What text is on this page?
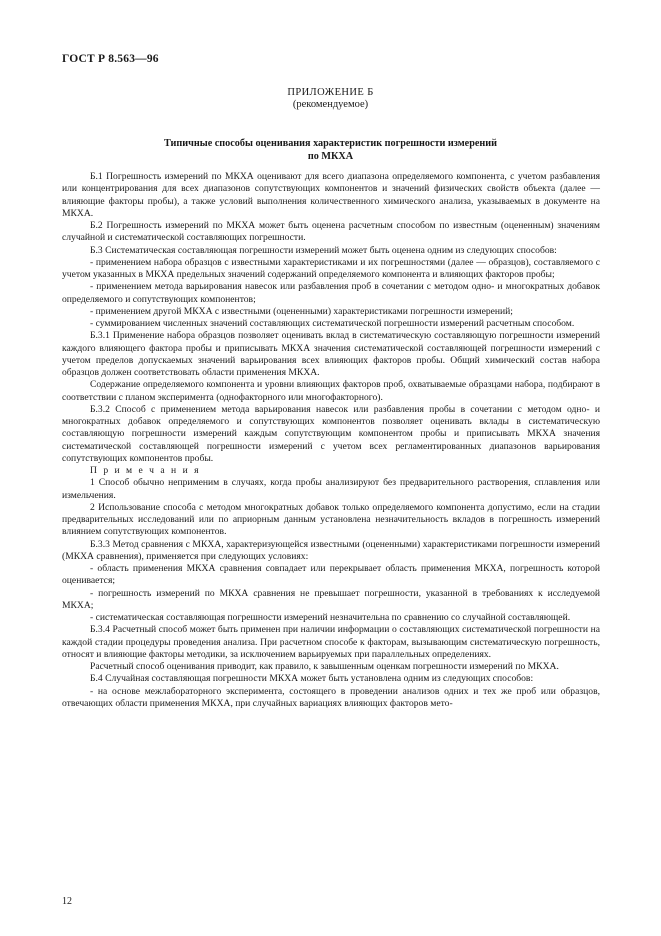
ГОСТ Р 8.563—96
ПРИЛОЖЕНИЕ Б
(рекомендуемое)
Типичные способы оценивания характеристик погрешности измерений
по МКХА

Б.1 Погрешность измерений по МКХА оценивают для всего диапазона определяемого компонента, с учетом разбавления или концентрирования для всех диапазонов сопутствующих компонентов и значений физических свойств объекта (далее — влияющие факторы пробы), а также условий выполнения количественного химического анализа, указываемых в документе на МКХА.

Б.2 Погрешность измерений по МКХА может быть оценена расчетным способом по известным (оцененным) значениям случайной и систематической составляющих погрешности.

Б.3 Систематическая составляющая погрешности измерений может быть оценена одним из следующих способов:

- применением набора образцов с известными характеристиками и их погрешностями (далее — образцов), составляемого с учетом указанных в МКХА предельных значений содержаний определяемого компонента и влияющих факторов пробы;

- применением метода варьирования навесок или разбавления проб в сочетании с методом одно- и многократных добавок определяемого и сопутствующих компонентов;

- применением другой МКХА с известными (оцененными) характеристиками погрешности измерений;

- суммированием численных значений составляющих систематической погрешности измерений расчетным способом.

Б.3.1 Применение набора образцов позволяет оценивать вклад в систематическую составляющую погрешности измерений каждого влияющего фактора пробы и приписывать МКХА значения систематической составляющей погрешности измерений с учетом пределов допускаемых значений варьирования всех влияющих факторов пробы. Общий химический состав набора образцов должен соответствовать области применения МКХА.

Содержание определяемого компонента и уровни влияющих факторов проб, охватываемые образцами набора, подбирают в соответствии с планом эксперимента (однофакторного или многофакторного).

Б.3.2 Способ с применением метода варьирования навесок или разбавления пробы в сочетании с методом одно- и многократных добавок определяемого и сопутствующих компонентов позволяет оценивать вклады в систематическую составляющую погрешности измерений каждым сопутствующим компонентом пробы и приписывать МКХА значения систематической составляющей погрешности измерений с учетом всех регламентированных диапазонов варьирования сопутствующих компонентов пробы.

П р и м е ч а н и я

1 Способ обычно неприменим в случаях, когда пробы анализируют без предварительного растворения, сплавления или измельчения.

2 Использование способа с методом многократных добавок только определяемого компонента допустимо, если на стадии предварительных исследований или по априорным данным установлена незначительность вкладов в погрешность измерений влиянием сопутствующих компонентов.

Б.3.3 Метод сравнения с МКХА, характеризующейся известными (оцененными) характеристиками погрешности измерений (МКХА сравнения), применяется при следующих условиях:

- область применения МКХА сравнения совпадает или перекрывает область применения МКХА, погрешность которой оценивается;

- погрешность измерений по МКХА сравнения не превышает погрешности, указанной в требованиях к исследуемой МКХА;

- систематическая составляющая погрешности измерений незначительна по сравнению со случайной составляющей.

Б.3.4 Расчетный способ может быть применен при наличии информации о составляющих систематической погрешности на каждой стадии процедуры проведения анализа. При расчетном способе к факторам, вызывающим систематическую погрешность, относят и влияющие факторы методики, за исключением варьируемых при параллельных определениях.

Расчетный способ оценивания приводит, как правило, к завышенным оценкам погрешности измерений по МКХА.

Б.4 Случайная составляющая погрешности МКХА может быть установлена одним из следующих способов:

- на основе межлабораторного эксперимента, состоящего в проведении анализов одних и тех же проб или образцов, отвечающих области применения МКХА, при случайных вариациях влияющих факторов мето-

12
